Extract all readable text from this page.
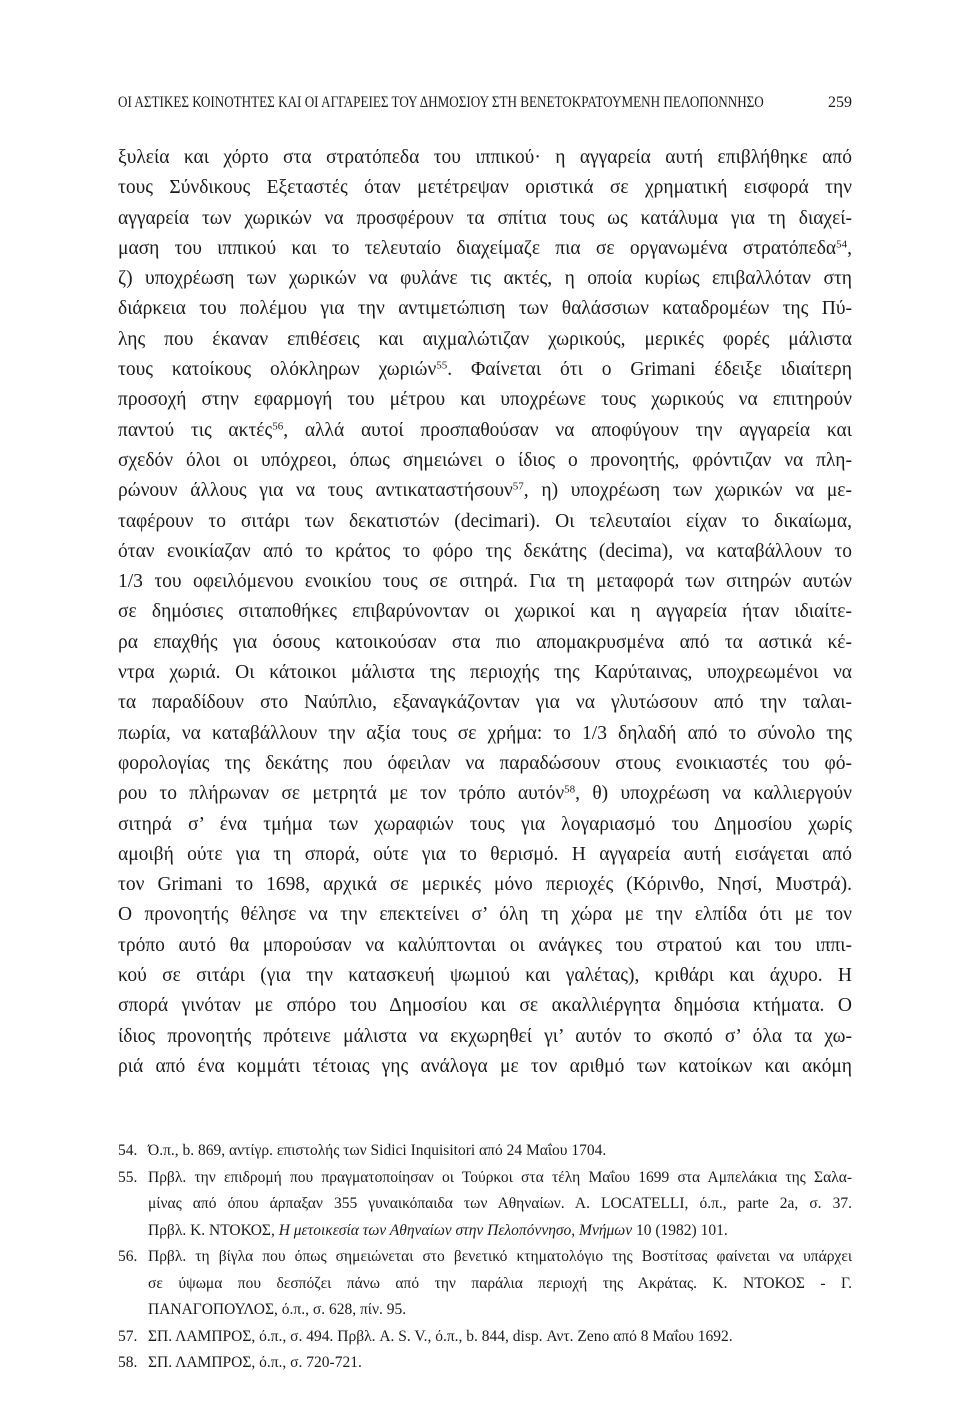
ΟΙ ΑΣΤΙΚΕΣ ΚΟΙΝΟΤΗΤΕΣ ΚΑΙ ΟΙ ΑΓΓΑΡΕΙΕΣ ΤΟΥ ΔΗΜΟΣΙΟΥ ΣΤΗ ΒΕΝΕΤΟΚΡΑΤΟΥΜΕΝΗ ΠΕΛΟΠΟΝΝΗΣΟ	259
ξυλεία και χόρτο στα στρατόπεδα του ιππικού· η αγγαρεία αυτή επιβλήθηκε από
τους Σύνδικους Εξεταστές όταν μετέτρεψαν οριστικά σε χρηματική εισφορά την
αγγαρεία των χωρικών να προσφέρουν τα σπίτια τους ως κατάλυμα για τη διαχεί-
μαση του ιππικού και το τελευταίο διαχείμαζε πια σε οργανωμένα στρατόπεδα$^{54}$,
ζ) υποχρέωση των χωρικών να φυλάνε τις ακτές, η οποία κυρίως επιβαλλόταν στη
διάρκεια του πολέμου για την αντιμετώπιση των θαλάσσιων καταδρομέων της Πύ-
λης που έκαναν επιθέσεις και αιχμαλώτιζαν χωρικούς, μερικές φορές μάλιστα
τους κατοίκους ολόκληρων χωριών$^{55}$. Φαίνεται ότι ο Grimani έδειξε ιδιαίτερη
προσοχή στην εφαρμογή του μέτρου και υποχρέωνε τους χωρικούς να επιτηρούν
παντού τις ακτές$^{56}$, αλλά αυτοί προσπαθούσαν να αποφύγουν την αγγαρεία και
σχεδόν όλοι οι υπόχρεοι, όπως σημειώνει ο ίδιος ο προνοητής, φρόντιζαν να πλη-
ρώνουν άλλους για να τους αντικαταστήσουν$^{57}$, η) υποχρέωση των χωρικών να με-
ταφέρουν το σιτάρι των δεκατιστών (decimari). Οι τελευταίοι είχαν το δικαίωμα,
όταν ενοικίαζαν από το κράτος το φόρο της δεκάτης (decima), να καταβάλλουν το
1/3 του οφειλόμενου ενοικίου τους σε σιτηρά. Για τη μεταφορά των σιτηρών αυτών
σε δημόσιες σιταποθήκες επιβαρύνονταν οι χωρικοί και η αγγαρεία ήταν ιδιαίτε-
ρα επαχθής για όσους κατοικούσαν στα πιο απομακρυσμένα από τα αστικά κέ-
ντρα χωριά. Οι κάτοικοι μάλιστα της περιοχής της Καρύταινας, υποχρεωμένοι να
τα παραδίδουν στο Ναύπλιο, εξαναγκάζονταν για να γλυτώσουν από την ταλαι-
πωρία, να καταβάλλουν την αξία τους σε χρήμα: το 1/3 δηλαδή από το σύνολο της
φορολογίας της δεκάτης που όφειλαν να παραδώσουν στους ενοικιαστές του φό-
ρου το πλήρωναν σε μετρητά με τον τρόπο αυτόν$^{58}$, θ) υποχρέωση να καλλιεργούν
σιτηρά σ’ ένα τμήμα των χωραφιών τους για λογαριασμό του Δημοσίου χωρίς
αμοιβή ούτε για τη σπορά, ούτε για το θερισμό. Η αγγαρεία αυτή εισάγεται από
τον Grimani το 1698, αρχικά σε μερικές μόνο περιοχές (Κόρινθο, Νησί, Μυστρά).
Ο προνοητής θέλησε να την επεκτείνει σ’ όλη τη χώρα με την ελπίδα ότι με τον
τρόπο αυτό θα μπορούσαν να καλύπτονται οι ανάγκες του στρατού και του ιππι-
κού σε σιτάρι (για την κατασκευή ψωμιού και γαλέτας), κριθάρι και άχυρο. Η
σπορά γινόταν με σπόρο του Δημοσίου και σε ακαλλιέργητα δημόσια κτήματα. Ο
ίδιος προνοητής πρότεινε μάλιστα να εκχωρηθεί γι’ αυτόν το σκοπό σ’ όλα τα χω-
ριά από ένα κομμάτι τέτοιας γης ανάλογα με τον αριθμό των κατοίκων και ακόμη
54. Ό.π., b. 869, αντίγρ. επιστολής των Sidici Inquisitori από 24 Μαΐου 1704.
55. Πρβλ. την επιδρομή που πραγματοποίησαν οι Τούρκοι στα τέλη Μαΐου 1699 στα Αμπελάκια της Σαλα-
μίνας από όπου άρπαξαν 355 γυναικόπαιδα των Αθηναίων. Α. LOCATELLI, ό.π., parte 2a, σ. 37.
Πρβλ. Κ. ΝΤΟΚΟΣ, Η μετοικεσία των Αθηναίων στην Πελοπόννησο, Μνήμων 10 (1982) 101.
56. Πρβλ. τη βίγλα που όπως σημειώνεται στο βενετικό κτηματολόγιο της Βοστίτσας φαίνεται να υπάρχει
σε ύψωμα που δεσπόζει πάνω από την παράλια περιοχή της Ακράτας. Κ. ΝΤΟΚΟΣ - Γ.
ΠΑΝΑΓΟΠΟΥΛΟΣ, ό.π., σ. 628, πίν. 95.
57. ΣΠ. ΛΑΜΠΡΟΣ, ό.π., σ. 494. Πρβλ. A. S. V., ό.π., b. 844, disp. Αντ. Zeno από 8 Μαΐου 1692.
58. ΣΠ. ΛΑΜΠΡΟΣ, ό.π., σ. 720-721.
